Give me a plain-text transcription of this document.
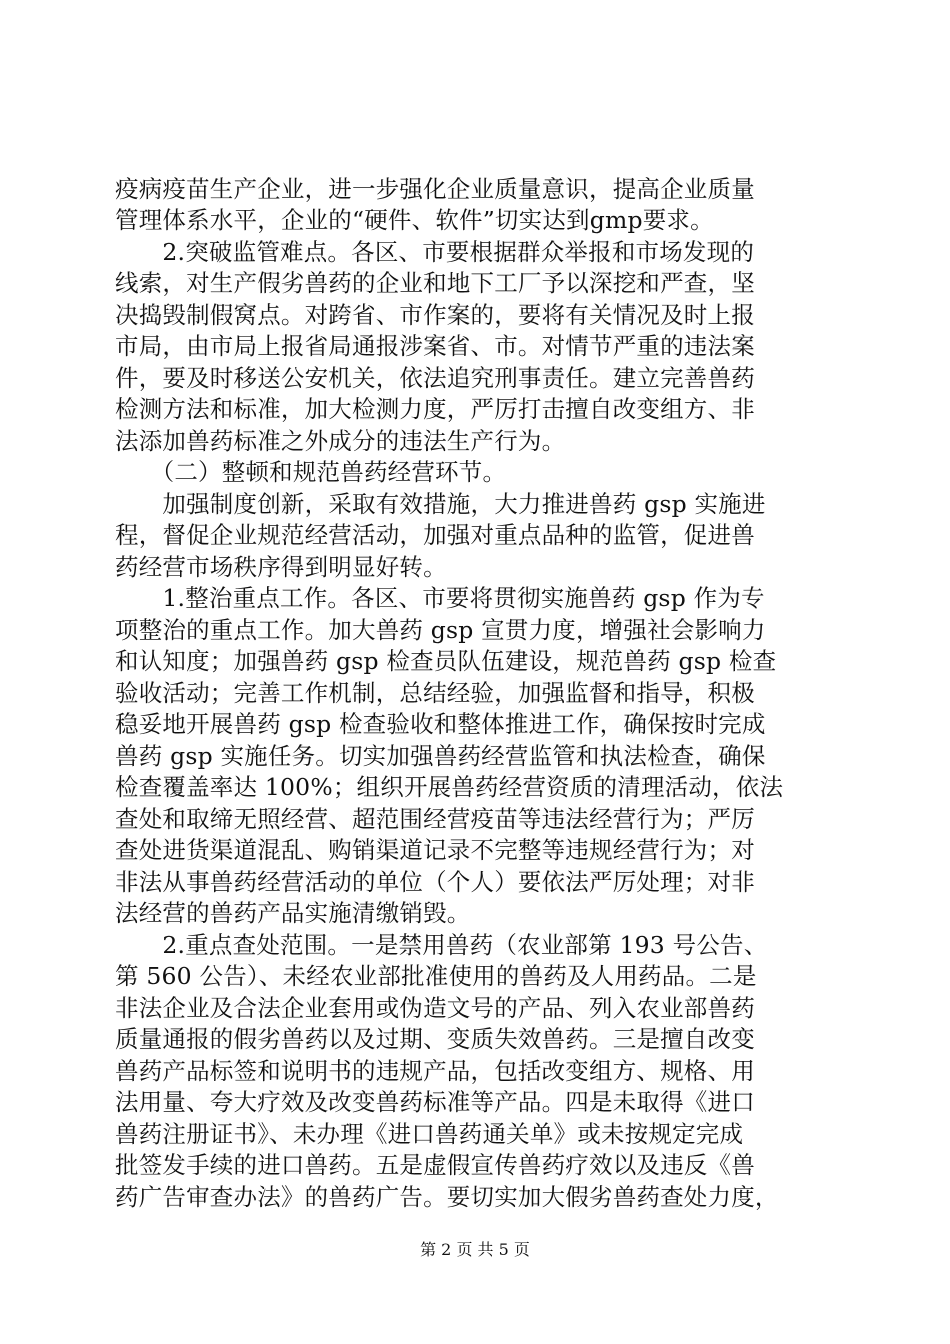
疫病疫苗生产企业，进一步强化企业质量意识，提高企业质量
管理体系水平，企业的“硬件、软件”切实达到gmp要求。
　　2.突破监管难点。各区、市要根据群众举报和市场发现的
线索，对生产假劣兽药的企业和地下工厂予以深挖和严查，坚
决捣毁制假窝点。对跨省、市作案的，要将有关情况及时上报
市局，由市局上报省局通报涉案省、市。对情节严重的违法案
件，要及时移送公安机关，依法追究刑事责任。建立完善兽药
检测方法和标准，加大检测力度，严厉打击擅自改变组方、非
法添加兽药标准之外成分的违法生产行为。
　　（二）整顿和规范兽药经营环节。
　　加强制度创新，采取有效措施，大力推进兽药 gsp 实施进
程，督促企业规范经营活动，加强对重点品种的监管，促进兽
药经营市场秩序得到明显好转。
　　1.整治重点工作。各区、市要将贯彻实施兽药 gsp 作为专
项整治的重点工作。加大兽药 gsp 宣贯力度，增强社会影响力
和认知度；加强兽药 gsp 检查员队伍建设，规范兽药 gsp 检查
验收活动；完善工作机制，总结经验，加强监督和指导，积极
稳妥地开展兽药 gsp 检查验收和整体推进工作，确保按时完成
兽药 gsp 实施任务。切实加强兽药经营监管和执法检查，确保
检查覆盖率达 100%；组织开展兽药经营资质的清理活动，依法
查处和取缔无照经营、超范围经营疫苗等违法经营行为；严厉
查处进货渠道混乱、购销渠道记录不完整等违规经营行为；对
非法从事兽药经营活动的单位（个人）要依法严厉处理；对非
法经营的兽药产品实施清缴销毁。
　　2.重点查处范围。一是禁用兽药（农业部第 193 号公告、
第 560 公告）、未经农业部批准使用的兽药及人用药品。二是
非法企业及合法企业套用或伪造文号的产品、列入农业部兽药
质量通报的假劣兽药以及过期、变质失效兽药。三是擅自改变
兽药产品标签和说明书的违规产品，包括改变组方、规格、用
法用量、夸大疗效及改变兽药标准等产品。四是未取得《进口
兽药注册证书》、未办理《进口兽药通关单》或未按规定完成
批签发手续的进口兽药。五是虚假宣传兽药疗效以及违反《兽
药广告审查办法》的兽药广告。要切实加大假劣兽药查处力度，
第 2 页 共 5 页
